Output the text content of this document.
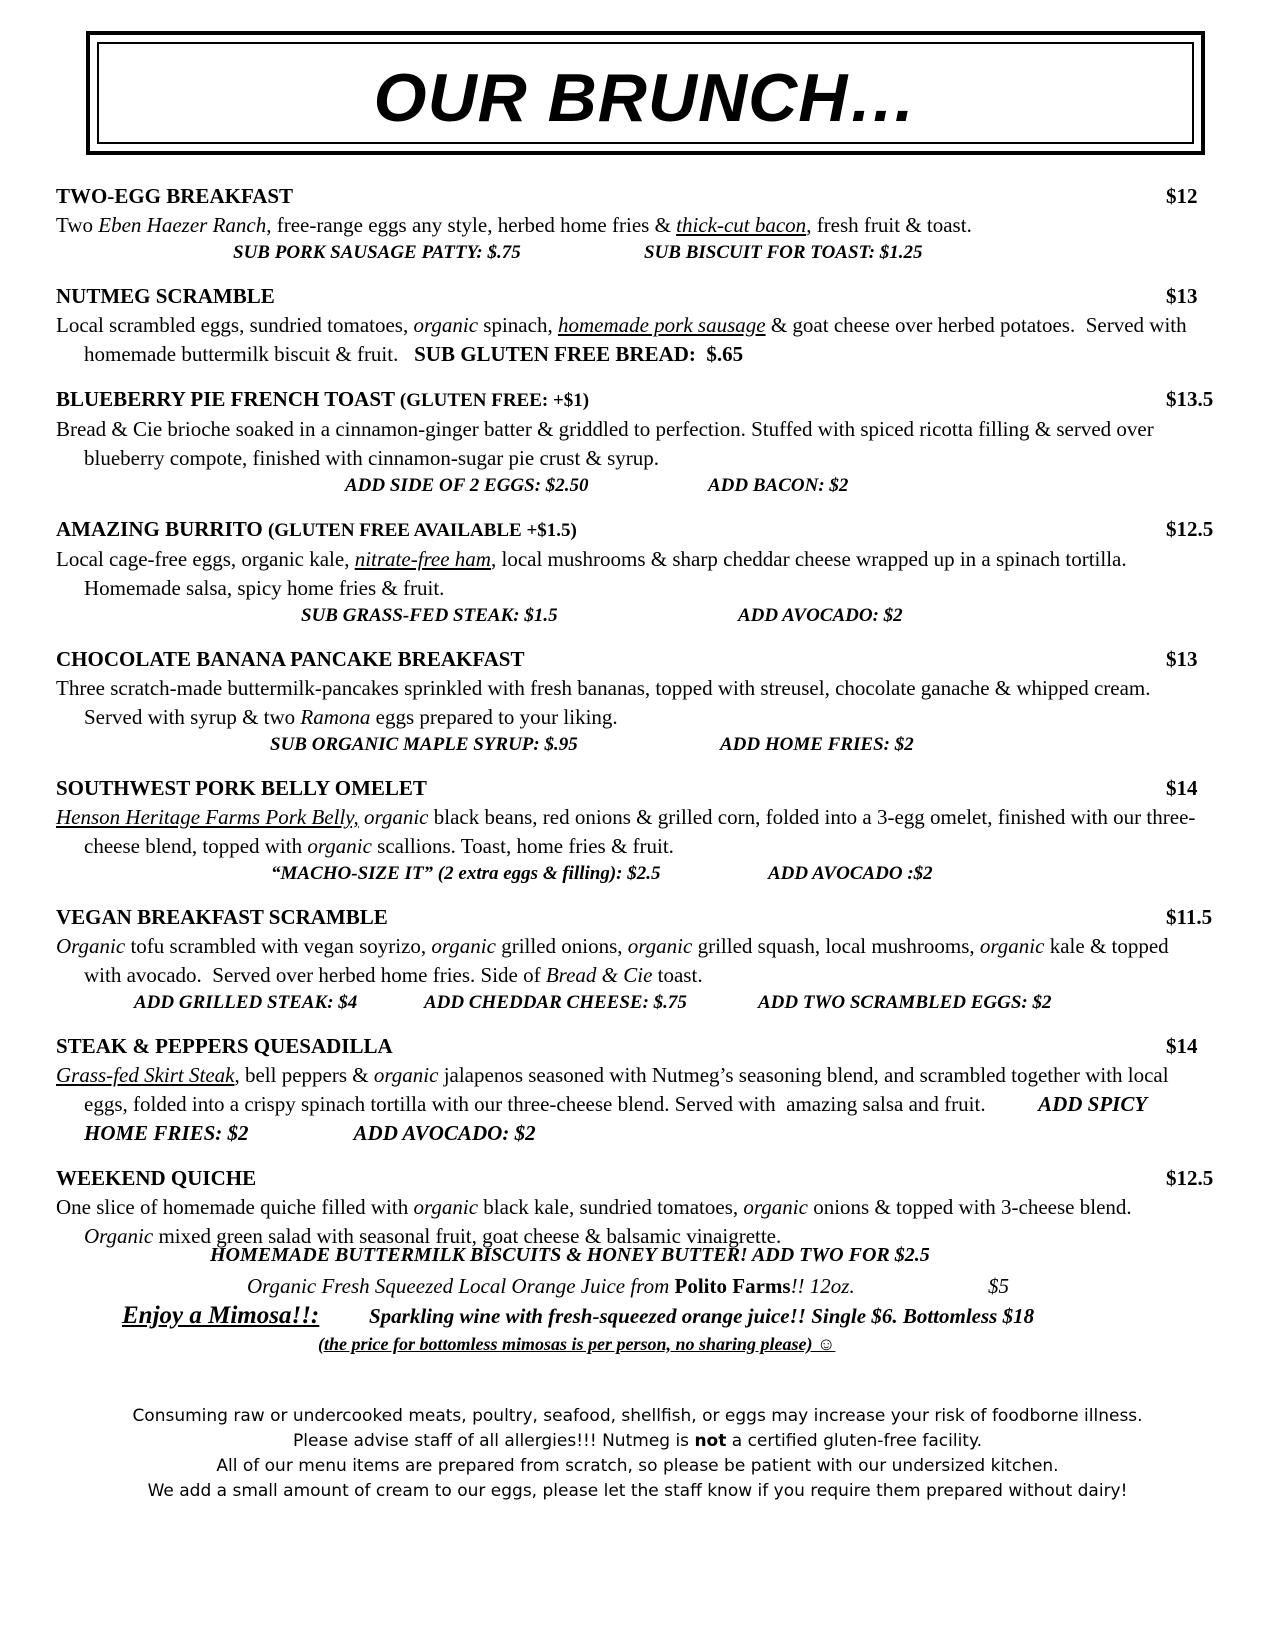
OUR BRUNCH…
TWO-EGG BREAKFAST	$12
Two Eben Haezer Ranch, free-range eggs any style, herbed home fries & thick-cut bacon, fresh fruit & toast.
SUB PORK SAUSAGE PATTY: $.75	SUB BISCUIT FOR TOAST: $1.25
NUTMEG SCRAMBLE	$13
Local scrambled eggs, sundried tomatoes, organic spinach, homemade pork sausage & goat cheese over herbed potatoes.  Served with homemade buttermilk biscuit & fruit.   SUB GLUTEN FREE BREAD:  $.65
BLUEBERRY PIE FRENCH TOAST (GLUTEN FREE: +$1)	$13.5
Bread & Cie brioche soaked in a cinnamon-ginger batter & griddled to perfection. Stuffed with spiced ricotta filling & served over blueberry compote, finished with cinnamon-sugar pie crust & syrup.
ADD SIDE OF 2 EGGS: $2.50	ADD BACON: $2
AMAZING BURRITO (GLUTEN FREE AVAILABLE +$1.5)	$12.5
Local cage-free eggs, organic kale, nitrate-free ham, local mushrooms & sharp cheddar cheese wrapped up in a spinach tortilla.  Homemade salsa, spicy home fries & fruit.
SUB GRASS-FED STEAK: $1.5	ADD AVOCADO: $2
CHOCOLATE BANANA PANCAKE BREAKFAST	$13
Three scratch-made buttermilk-pancakes sprinkled with fresh bananas, topped with streusel, chocolate ganache & whipped cream. Served with syrup & two Ramona eggs prepared to your liking.
SUB ORGANIC MAPLE SYRUP: $.95	ADD HOME FRIES: $2
SOUTHWEST PORK BELLY OMELET	$14
Henson Heritage Farms Pork Belly, organic black beans, red onions & grilled corn, folded into a 3-egg omelet, finished with our three-cheese blend, topped with organic scallions. Toast, home fries & fruit.
“MACHO-SIZE IT” (2 extra eggs & filling): $2.5	ADD AVOCADO :$2
VEGAN BREAKFAST SCRAMBLE	$11.5
Organic tofu scrambled with vegan soyrizo, organic grilled onions, organic grilled squash, local mushrooms, organic kale & topped with avocado.  Served over herbed home fries. Side of Bread & Cie toast.
ADD GRILLED STEAK: $4	ADD CHEDDAR CHEESE: $.75	ADD TWO SCRAMBLED EGGS: $2
STEAK & PEPPERS QUESADILLA	$14
Grass-fed Skirt Steak, bell peppers & organic jalapenos seasoned with Nutmeg’s seasoning blend, and scrambled together with local eggs, folded into a crispy spinach tortilla with our three-cheese blend. Served with  amazing salsa and fruit.          ADD SPICY HOME FRIES: $2	ADD AVOCADO: $2
WEEKEND QUICHE	$12.5
One slice of homemade quiche filled with organic black kale, sundried tomatoes, organic onions & topped with 3-cheese blend.  Organic mixed green salad with seasonal fruit, goat cheese & balsamic vinaigrette.
HOMEMADE BUTTERMILK BISCUITS & HONEY BUTTER! ADD TWO FOR $2.5
Organic Fresh Squeezed Local Orange Juice from Polito Farms!! 12oz.	$5
Enjoy a Mimosa!!: Sparkling wine with fresh-squeezed orange juice!! Single $6. Bottomless $18
(the price for bottomless mimosas is per person, no sharing please) ☺
Consuming raw or undercooked meats, poultry, seafood, shellfish, or eggs may increase your risk of foodborne illness.
Please advise staff of all allergies!!! Nutmeg is not a certified gluten-free facility.
All of our menu items are prepared from scratch, so please be patient with our undersized kitchen.
We add a small amount of cream to our eggs, please let the staff know if you require them prepared without dairy!
